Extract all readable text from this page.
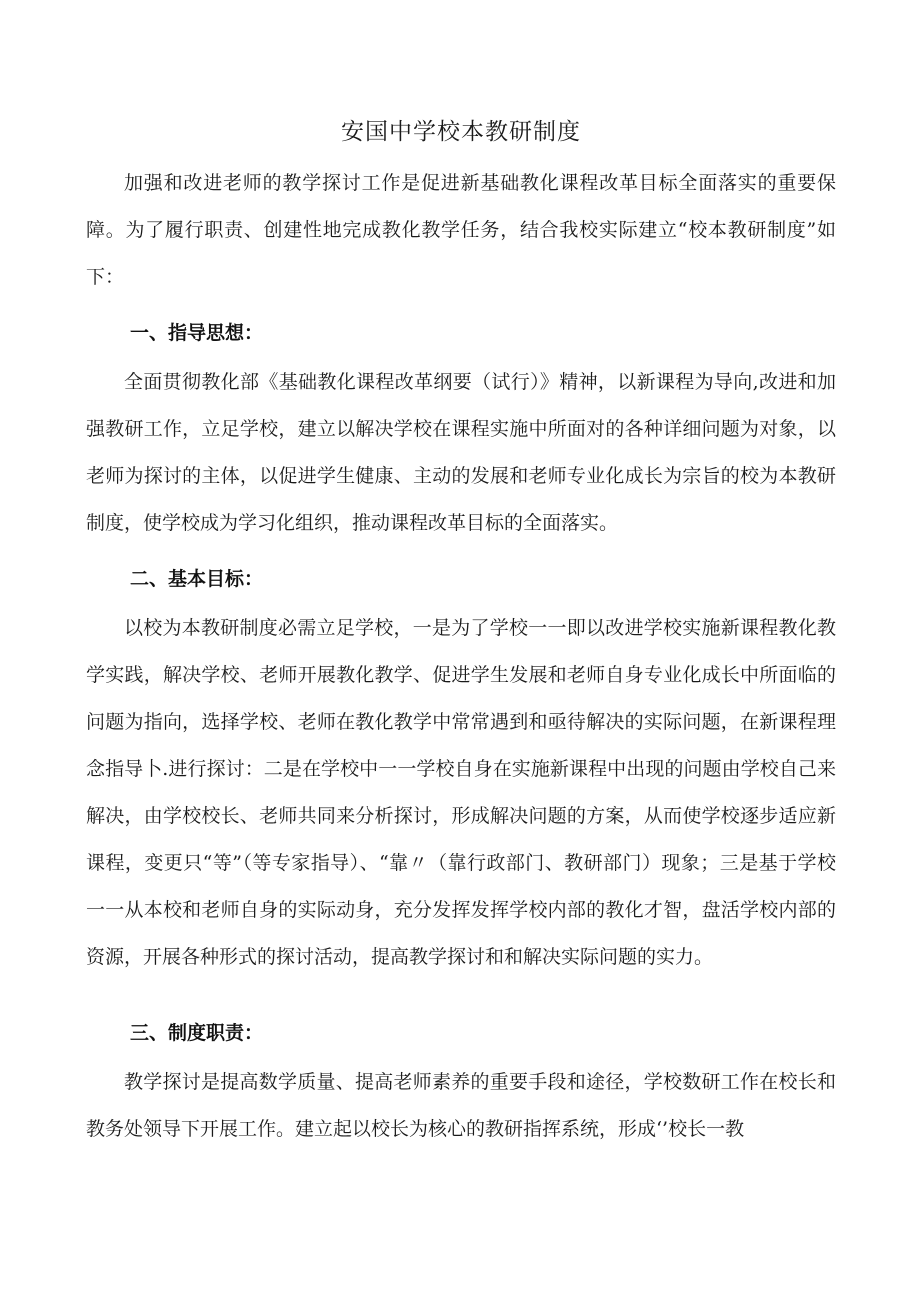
安国中学校本教研制度

加强和改进老师的教学探讨工作是促进新基础教化课程改革目标全面落实的重要保障。为了履行职责、创建性地完成教化教学任务，结合我校实际建立“校本教研制度”如下：

一、指导思想：

全面贯彻教化部《基础教化课程改革纲要（试行）》精神，以新课程为导向,改进和加强教研工作，立足学校，建立以解决学校在课程实施中所面对的各种详细问题为对象，以老师为探讨的主体，以促进学生健康、主动的发展和老师专业化成长为宗旨的校为本教研制度，使学校成为学习化组织，推动课程改革目标的全面落实。

二、基本目标：

以校为本教研制度必需立足学校，一是为了学校一一即以改进学校实施新课程教化教学实践，解决学校、老师开展教化教学、促进学生发展和老师自身专业化成长中所面临的问题为指向，选择学校、老师在教化教学中常常遇到和亟待解决的实际问题，在新课程理念指导卜.进行探讨：二是在学校中一一学校自身在实施新课程中出现的问题由学校自己来解决，由学校校长、老师共同来分析探讨，形成解决问题的方案，从而使学校逐步适应新课程，变更只“等”（等专家指导）、“靠〃（靠行政部门、教研部门）现象；三是基于学校一一从本校和老师自身的实际动身，充分发挥发挥学校内部的教化才智，盘活学校内部的资源，开展各种形式的探讨活动，提高教学探讨和和解决实际问题的实力。

三、制度职责：

教学探讨是提高数学质量、提高老师素养的重要手段和途径，学校数研工作在校长和教务处领导下开展工作。建立起以校长为核心的教研指挥系统，形成‘’校长一教
